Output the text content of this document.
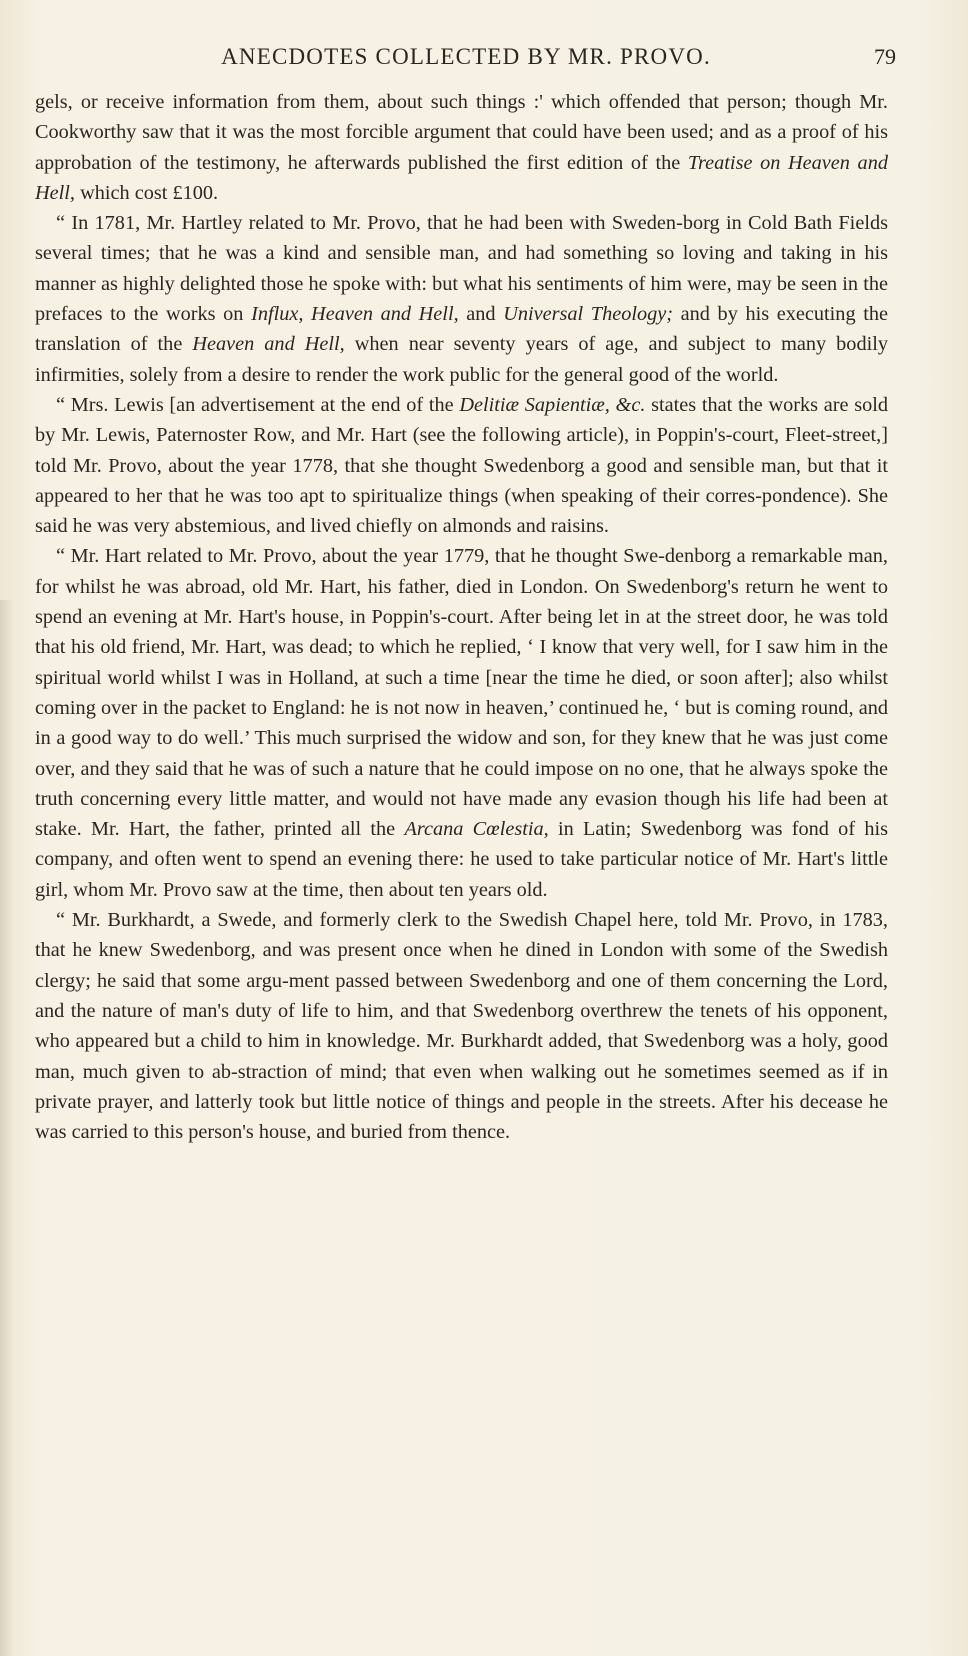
ANECDOTES COLLECTED BY MR. PROVO.	79

gels, or receive information from them, about such things :' which offended that person; though Mr. Cookworthy saw that it was the most forcible argument that could have been used; and as a proof of his approbation of the testimony, he afterwards published the first edition of the Treatise on Heaven and Hell, which cost £100.

“ In 1781, Mr. Hartley related to Mr. Provo, that he had been with Sweden-borg in Cold Bath Fields several times; that he was a kind and sensible man, and had something so loving and taking in his manner as highly delighted those he spoke with: but what his sentiments of him were, may be seen in the prefaces to the works on Influx, Heaven and Hell, and Universal Theology; and by his executing the translation of the Heaven and Hell, when near seventy years of age, and subject to many bodily infirmities, solely from a desire to render the work public for the general good of the world.

“ Mrs. Lewis [an advertisement at the end of the Delitiæ Sapientiæ, &c. states that the works are sold by Mr. Lewis, Paternoster Row, and Mr. Hart (see the following article), in Poppin's-court, Fleet-street,] told Mr. Provo, about the year 1778, that she thought Swedenborg a good and sensible man, but that it appeared to her that he was too apt to spiritualize things (when speaking of their corres-pondence). She said he was very abstemious, and lived chiefly on almonds and raisins.

“ Mr. Hart related to Mr. Provo, about the year 1779, that he thought Swe-denborg a remarkable man, for whilst he was abroad, old Mr. Hart, his father, died in London. On Swedenborg's return he went to spend an evening at Mr. Hart's house, in Poppin's-court. After being let in at the street door, he was told that his old friend, Mr. Hart, was dead; to which he replied, ‘ I know that very well, for I saw him in the spiritual world whilst I was in Holland, at such a time [near the time he died, or soon after]; also whilst coming over in the packet to England: he is not now in heaven,’ continued he, ‘ but is coming round, and in a good way to do well.’ This much surprised the widow and son, for they knew that he was just come over, and they said that he was of such a nature that he could impose on no one, that he always spoke the truth concerning every little matter, and would not have made any evasion though his life had been at stake. Mr. Hart, the father, printed all the Arcana Cœlestia, in Latin; Swedenborg was fond of his company, and often went to spend an evening there: he used to take particular notice of Mr. Hart's little girl, whom Mr. Provo saw at the time, then about ten years old.

“ Mr. Burkhardt, a Swede, and formerly clerk to the Swedish Chapel here, told Mr. Provo, in 1783, that he knew Swedenborg, and was present once when he dined in London with some of the Swedish clergy; he said that some argu-ment passed between Swedenborg and one of them concerning the Lord, and the nature of man's duty of life to him, and that Swedenborg overthrew the tenets of his opponent, who appeared but a child to him in knowledge. Mr. Burkhardt added, that Swedenborg was a holy, good man, much given to ab-straction of mind; that even when walking out he sometimes seemed as if in private prayer, and latterly took but little notice of things and people in the streets. After his decease he was carried to this person's house, and buried from thence.
